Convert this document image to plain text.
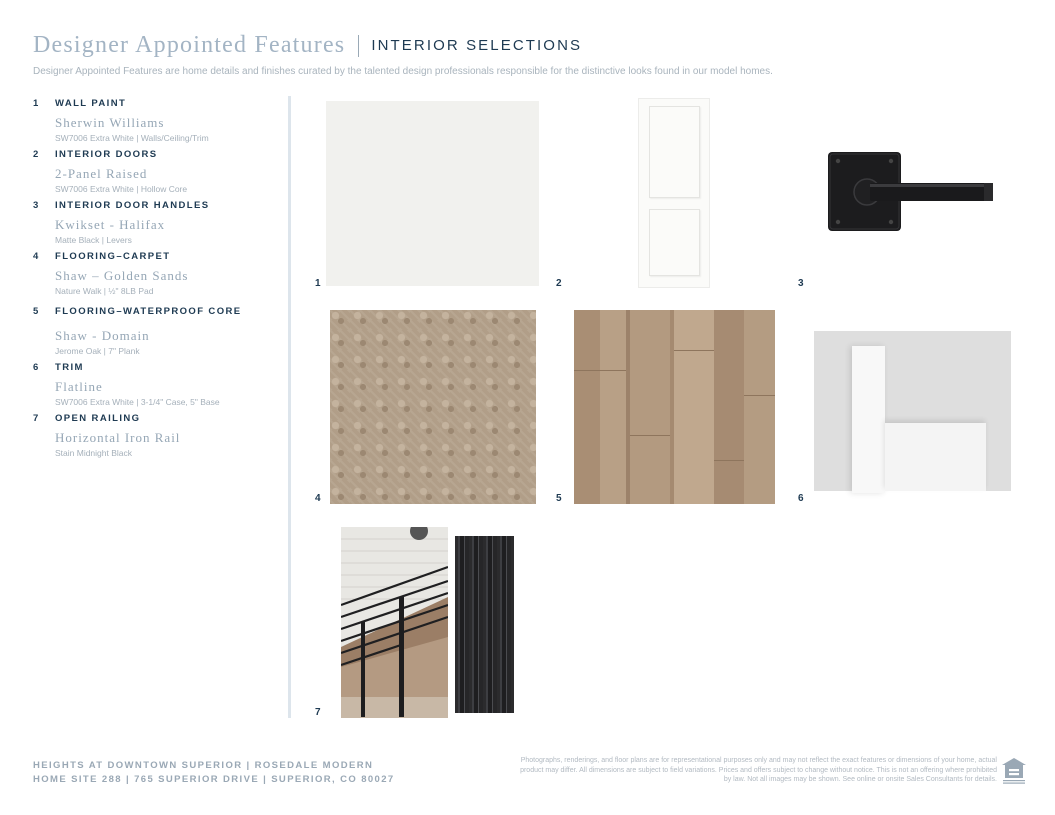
Designer Appointed Features INTERIOR SELECTIONS
Designer Appointed Features are home details and finishes curated by the talented design professionals responsible for the distinctive looks found in our model homes.
1	WALL PAINT
Sherwin Williams
SW7006 Extra White | Walls/Ceiling/Trim
2	INTERIOR DOORS
2-Panel Raised
SW7006 Extra White | Hollow Core
3	INTERIOR DOOR HANDLES
Kwikset - Halifax
Matte Black | Levers
4	FLOORING–CARPET
Shaw – Golden Sands
Nature Walk | ½" 8LB Pad
5	FLOORING–WATERPROOF CORE
Shaw - Domain
Jerome Oak | 7" Plank
6	TRIM
Flatline
SW7006 Extra White | 3-1/4" Case, 5" Base
7	OPEN RAILING
Horizontal Iron Rail
Stain Midnight Black
1	2	3
4	5	6
7
HEIGHTS AT DOWNTOWN SUPERIOR | ROSEDALE MODERN
HOME SITE 288 | 765 SUPERIOR DRIVE | SUPERIOR, CO 80027
Photographs, renderings, and floor plans are for representational purposes only and may not reflect the exact features or dimensions of your home, actual product may differ. All dimensions are subject to field variations. Prices and offers subject to change without notice. This is not an offering where prohibited by law. Not all images may be shown. See online or onsite Sales Consultants for details.
